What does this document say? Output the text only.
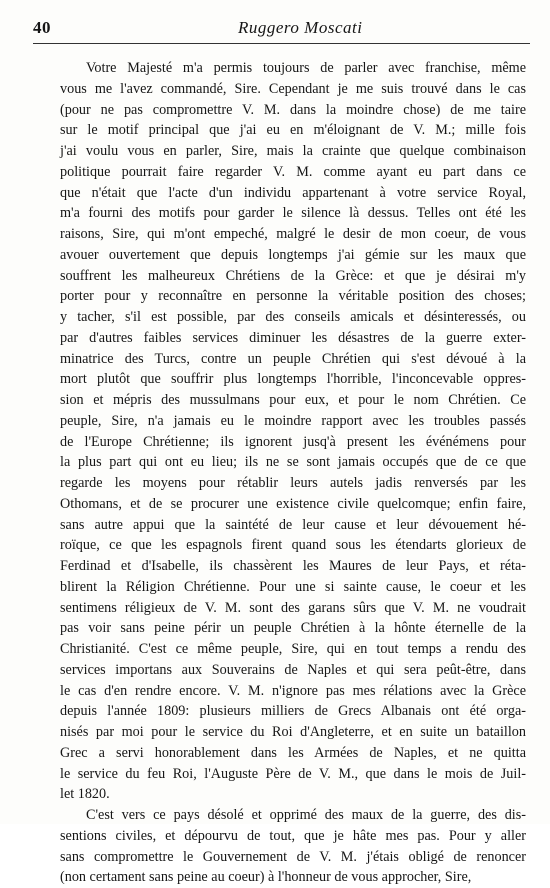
40	Ruggero Moscati

Votre Majesté m'a permis toujours de parler avec franchise, même
vous me l'avez commandé, Sire. Cependant je me suis trouvé dans le cas
(pour ne pas compromettre V. M. dans la moindre chose) de me taire
sur le motif principal que j'ai eu en m'éloignant de V. M.; mille fois
j'ai voulu vous en parler, Sire, mais la crainte que quelque combinaison
politique pourrait faire regarder V. M. comme ayant eu part dans ce
que n'était que l'acte d'un individu appartenant à votre service Royal,
m'a fourni des motifs pour garder le silence là dessus. Telles ont été les
raisons, Sire, qui m'ont empeché, malgré le desir de mon coeur, de vous
avouer ouvertement que depuis longtemps j'ai gémie sur les maux que
souffrent les malheureux Chrétiens de la Grèce: et que je désirai m'y
porter pour y reconnaître en personne la véritable position des choses;
y tacher, s'il est possible, par des conseils amicals et désinteressés, ou
par d'autres faibles services diminuer les désastres de la guerre exter-
minatrice des Turcs, contre un peuple Chrétien qui s'est dévoué à la
mort plutôt que souffrir plus longtemps l'horrible, l'inconcevable oppres-
sion et mépris des mussulmans pour eux, et pour le nom Chrétien. Ce
peuple, Sire, n'a jamais eu le moindre rapport avec les troubles passés
de l'Europe Chrétienne; ils ignorent jusq'à present les événémens pour
la plus part qui ont eu lieu; ils ne se sont jamais occupés que de ce que
regarde les moyens pour rétablir leurs autels jadis renversés par les
Othomans, et de se procurer une existence civile quelcomque; enfin faire,
sans autre appui que la saintété de leur cause et leur dévouement hé-
roïque, ce que les espagnols firent quand sous les étendarts glorieux de
Ferdinad et d'Isabelle, ils chassèrent les Maures de leur Pays, et réta-
blirent la Réligion Chrétienne. Pour une si sainte cause, le coeur et les
sentimens réligieux de V. M. sont des garans sûrs que V. M. ne voudrait
pas voir sans peine périr un peuple Chrétien à la hônte éternelle de la
Christianité. C'est ce même peuple, Sire, qui en tout temps a rendu des
services importans aux Souverains de Naples et qui sera peût-être, dans
le cas d'en rendre encore. V. M. n'ignore pas mes rélations avec la Grèce
depuis l'année 1809: plusieurs milliers de Grecs Albanais ont été orga-
nisés par moi pour le service du Roi d'Angleterre, et en suite un bataillon
Grec a servi honorablement dans les Armées de Naples, et ne quitta
le service du feu Roi, l'Auguste Père de V. M., que dans le mois de Juil-
let 1820.

C'est vers ce pays désolé et opprimé des maux de la guerre, des dis-
sentions civiles, et dépourvu de tout, que je hâte mes pas. Pour y aller
sans compromettre le Gouvernement de V. M. j'étais obligé de renoncer
(non certament sans peine au coeur) à l'honneur de vous approcher, Sire,
